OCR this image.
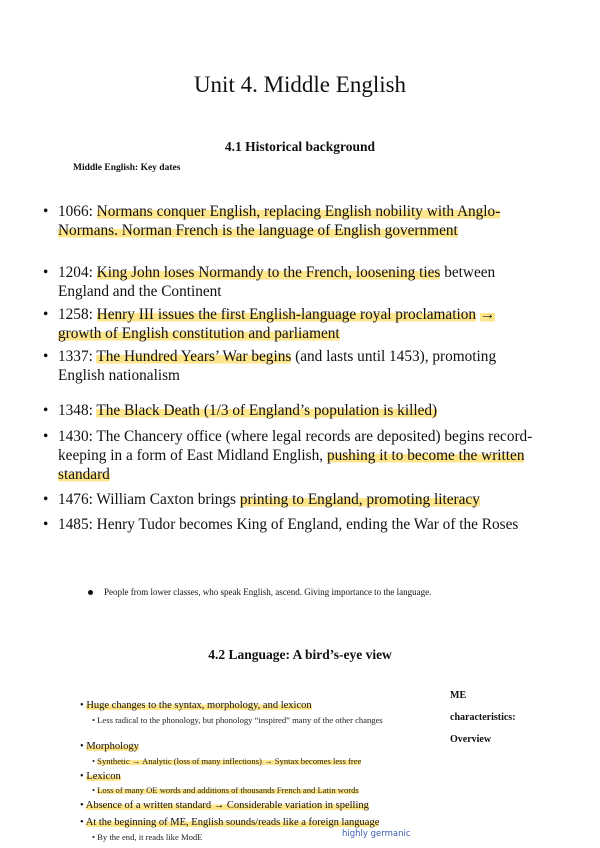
Unit 4. Middle English
4.1 Historical background
Middle English: Key dates
• 1066: Normans conquer English, replacing English nobility with Anglo-Normans. Norman French is the language of English government
• 1204: King John loses Normandy to the French, loosening ties between England and the Continent
• 1258: Henry III issues the first English-language royal proclamation → growth of English constitution and parliament
• 1337: The Hundred Years’ War begins (and lasts until 1453), promoting English nationalism
• 1348: The Black Death (1/3 of England’s population is killed)
• 1430: The Chancery office (where legal records are deposited) begins record-keeping in a form of East Midland English, pushing it to become the written standard
• 1476: William Caxton brings printing to England, promoting literacy
• 1485: Henry Tudor becomes King of England, ending the War of the Roses
People from lower classes, who speak English, ascend. Giving importance to the language.
4.2 Language: A bird’s-eye view
• Huge changes to the syntax, morphology, and lexicon
• Less radical to the phonology, but phonology “inspired” many of the other changes
• Morphology
• Synthetic → Analytic (loss of many inflections) → Syntax becomes less free
• Lexicon
• Loss of many OE words and additions of thousands French and Latin words
• Absence of a written standard → Considerable variation in spelling
• At the beginning of ME, English sounds/reads like a foreign language
• By the end, it reads like ModE
ME
characteristics:
Overview
highly germanic
